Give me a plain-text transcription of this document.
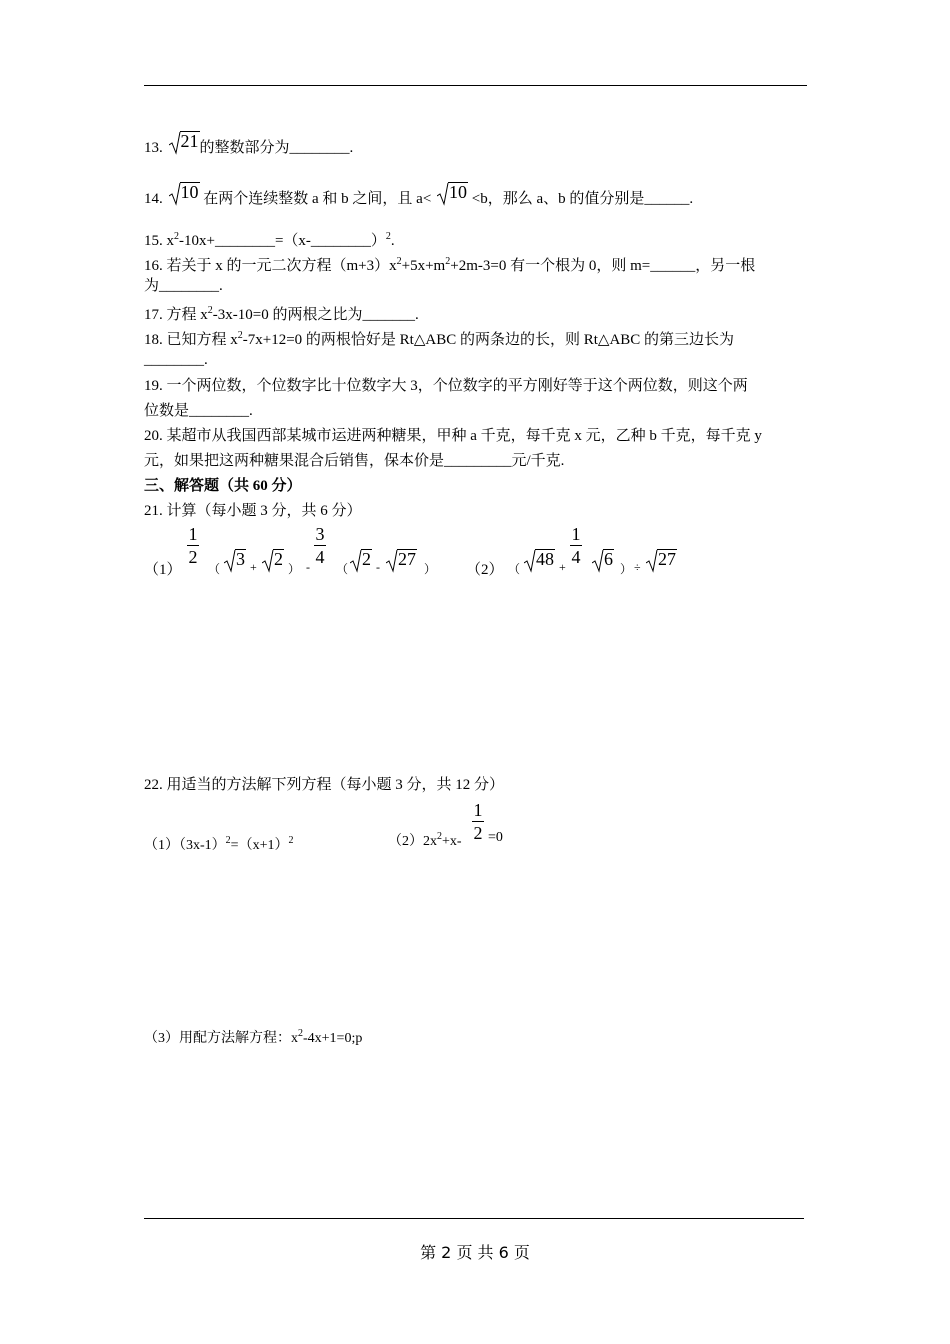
13. 21的整数部分为________.
14. 10 在两个连续整数 a 和 b 之间，且 a< 10 <b，那么 a、b 的值分别是______.
15. $x^2-10x+\_\_\_\_\_\_\_\_=(x-\_\_\_\_\_\_\_\_)^2$.
16. 若关于 x 的一元二次方程$(m+3)x^2+5x+m^2+2m-3=0$ 有一个根为 0，则 m=______，另一根
为________.
17. 方程 $x^2-3x-10=0$ 的两根之比为_______.
18. 已知方程 $x^2-7x+12=0$ 的两根恰好是 Rt△ABC 的两条边的长，则 Rt△ABC 的第三边长为
________.
19. 一个两位数，个位数字比十位数字大 3，个位数字的平方刚好等于这个两位数，则这个两
位数是________.
20. 某超市从我国西部某城市运进两种糖果，甲种 a 千克，每千克 x 元，乙种 b 千克，每千克 y
元，如果把这两种糖果混合后销售，保本价是_________元/千克.
三、解答题（共 60 分）
21. 计算（每小题 3 分，共 6 分）
（1）
1
2
（ 3 + 2 ） -
3
4
（ 2 -	27 ） （2） （ 48 +
1
4	6 ） ÷ 27
22. 用适当的方法解下列方程（每小题 3 分，共 12 分）
$(1)(3x-1)^2=(x+1)^2$	$(2)2x^2+x-$
1
2 =0
（3）用配方法解方程：$x^2-4x+1=0;p$
第 2 页 共 6 页
